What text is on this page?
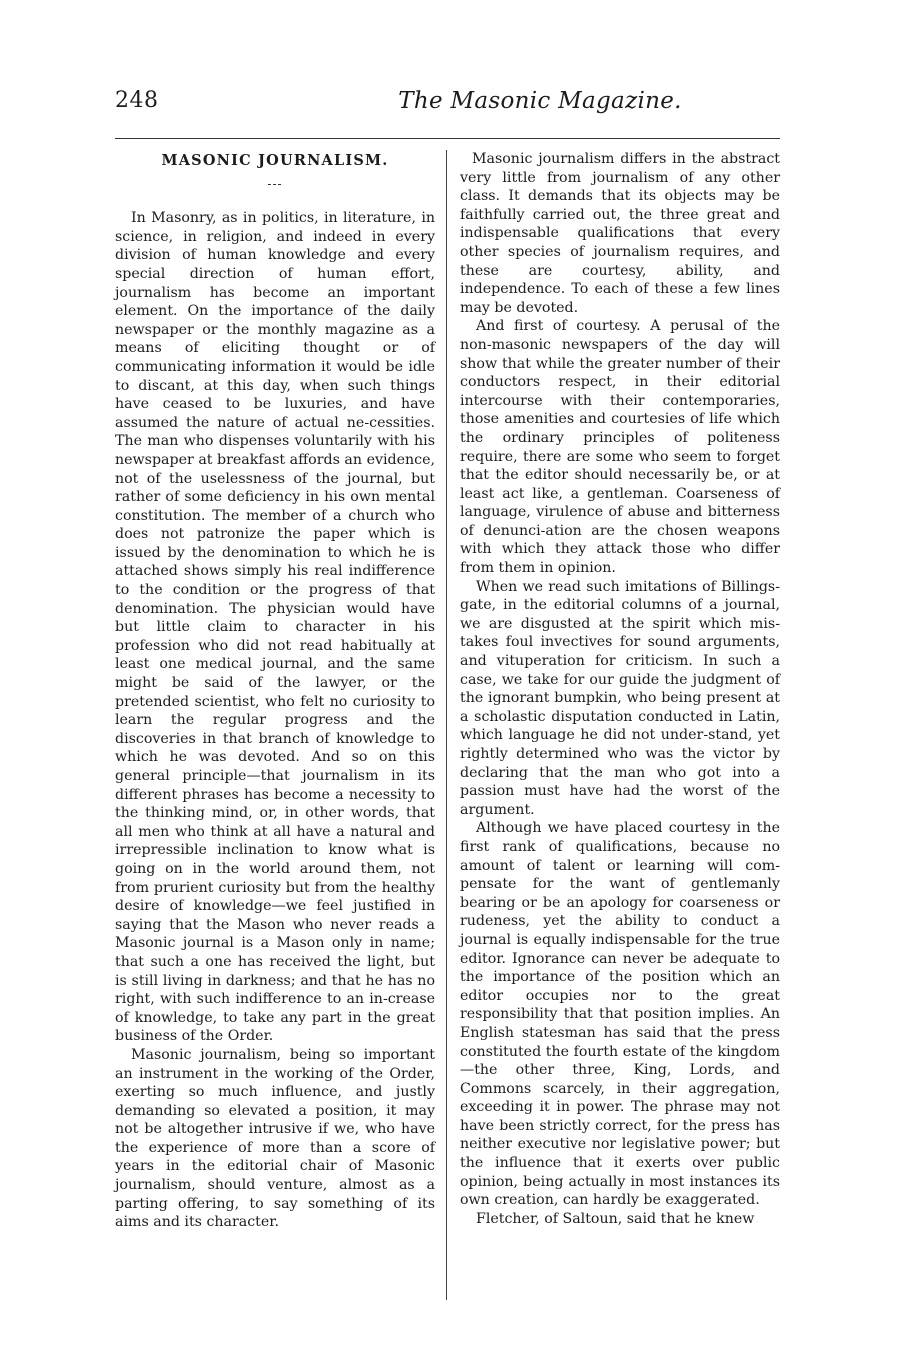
248	The Masonic Magazine.
MASONIC JOURNALISM.
---

In Masonry, as in politics, in literature, in science, in religion, and indeed in every division of human knowledge and every special direction of human effort, journalism has become an important element. On the importance of the daily newspaper or the monthly magazine as a means of eliciting thought or of communicating information it would be idle to discant, at this day, when such things have ceased to be luxuries, and have assumed the nature of actual ne-cessities. The man who dispenses voluntarily with his newspaper at breakfast affords an evidence, not of the uselessness of the journal, but rather of some deficiency in his own mental constitution. The member of a church who does not patronize the paper which is issued by the denomination to which he is attached shows simply his real indifference to the condition or the progress of that denomination. The physician would have but little claim to character in his profession who did not read habitually at least one medical journal, and the same might be said of the lawyer, or the pretended scientist, who felt no curiosity to learn the regular progress and the discoveries in that branch of knowledge to which he was devoted. And so on this general principle—that journalism in its different phrases has become a necessity to the thinking mind, or, in other words, that all men who think at all have a natural and irrepressible inclination to know what is going on in the world around them, not from prurient curiosity but from the healthy desire of knowledge—we feel justified in saying that the Mason who never reads a Masonic journal is a Mason only in name; that such a one has received the light, but is still living in darkness; and that he has no right, with such indifference to an in-crease of knowledge, to take any part in the great business of the Order.

Masonic journalism, being so important an instrument in the working of the Order, exerting so much influence, and justly demanding so elevated a position, it may not be altogether intrusive if we, who have the experience of more than a score of years in the editorial chair of Masonic journalism, should venture, almost as a parting offering, to say something of its aims and its character.

Masonic journalism differs in the abstract very little from journalism of any other class. It demands that its objects may be faithfully carried out, the three great and indispensable qualifications that every other species of journalism requires, and these are courtesy, ability, and independence. To each of these a few lines may be devoted.

And first of courtesy. A perusal of the non-masonic newspapers of the day will show that while the greater number of their conductors respect, in their editorial intercourse with their contemporaries, those amenities and courtesies of life which the ordinary principles of politeness require, there are some who seem to forget that the editor should necessarily be, or at least act like, a gentleman. Coarseness of language, virulence of abuse and bitterness of denunci-ation are the chosen weapons with which they attack those who differ from them in opinion.

When we read such imitations of Billings-gate, in the editorial columns of a journal, we are disgusted at the spirit which mis-takes foul invectives for sound arguments, and vituperation for criticism. In such a case, we take for our guide the judgment of the ignorant bumpkin, who being present at a scholastic disputation conducted in Latin, which language he did not under-stand, yet rightly determined who was the victor by declaring that the man who got into a passion must have had the worst of the argument.

Although we have placed courtesy in the first rank of qualifications, because no amount of talent or learning will com-pensate for the want of gentlemanly bearing or be an apology for coarseness or rudeness, yet the ability to conduct a journal is equally indispensable for the true editor. Ignorance can never be adequate to the importance of the position which an editor occupies nor to the great responsibility that that position implies. An English statesman has said that the press constituted the fourth estate of the kingdom—the other three, King, Lords, and Commons scarcely, in their aggregation, exceeding it in power. The phrase may not have been strictly correct, for the press has neither executive nor legislative power; but the influence that it exerts over public opinion, being actually in most instances its own creation, can hardly be exaggerated.

Fletcher, of Saltoun, said that he knew
